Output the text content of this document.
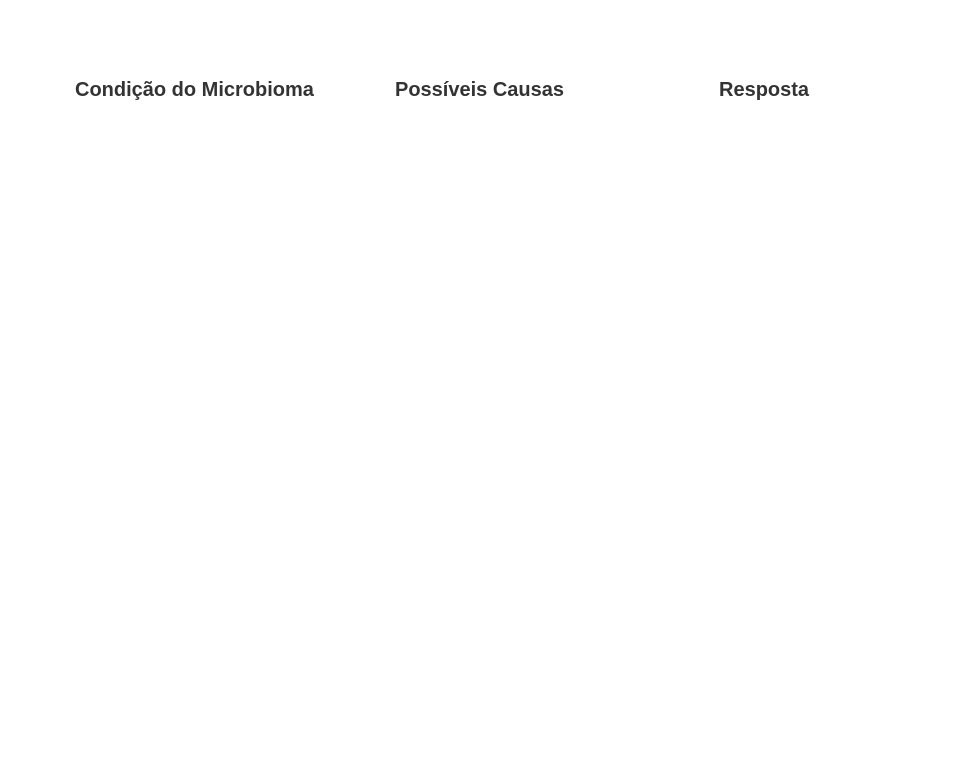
Condição do Microbioma	Possíveis Causas	Resposta
